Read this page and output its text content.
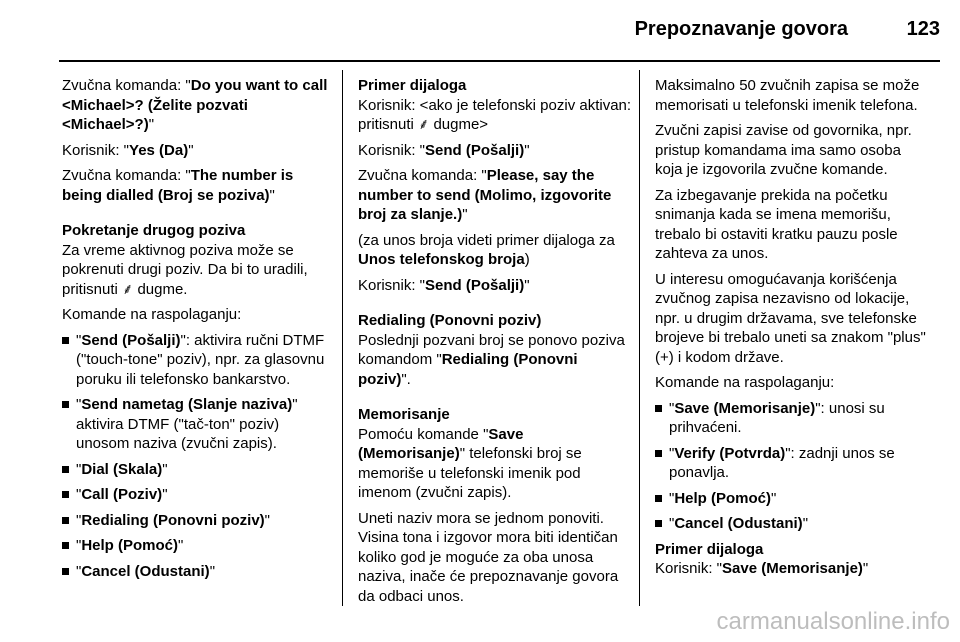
Prepoznavanje govora	123

Zvučna komanda: "Do you want to call <Michael>? (Želite pozvati <Michael>?)"

Korisnik: "Yes (Da)"

Zvučna komanda: "The number is being dialled (Broj se poziva)"

Pokretanje drugog poziva

Za vreme aktivnog poziva može se pokrenuti drugi poziv. Da bi to uradili, pritisnuti ⸙ dugme.

Komande na raspolaganju:

"Send (Pošalji)": aktivira ručni DTMF ("touch-tone" poziv), npr. za glasovnu poruku ili telefonsko bankarstvo.
"Send nametag (Slanje naziva)" aktivira DTMF ("tač-ton" poziv) unosom naziva (zvučni zapis).
"Dial (Skala)"
"Call (Poziv)"
"Redialing (Ponovni poziv)"
"Help (Pomoć)"
"Cancel (Odustani)"

Primer dijaloga

Korisnik: <ako je telefonski poziv aktivan: pritisnuti ⸙ dugme>

Korisnik: "Send (Pošalji)"

Zvučna komanda: "Please, say the number to send (Molimo, izgovorite broj za slanje.)"

(za unos broja videti primer dijaloga za Unos telefonskog broja)

Korisnik: "Send (Pošalji)"

Redialing (Ponovni poziv)

Poslednji pozvani broj se ponovo poziva komandom "Redialing (Ponovni poziv)".

Memorisanje

Pomoću komande "Save (Memorisanje)" telefonski broj se memoriše u telefonski imenik pod imenom (zvučni zapis).

Uneti naziv mora se jednom ponoviti. Visina tona i izgovor mora biti identičan koliko god je moguće za oba unosa naziva, inače će prepoznavanje govora da odbaci unos.

Maksimalno 50 zvučnih zapisa se može memorisati u telefonski imenik telefona.

Zvučni zapisi zavise od govornika, npr. pristup komandama ima samo osoba koja je izgovorila zvučne komande.

Za izbegavanje prekida na početku snimanja kada se imena memorišu, trebalo bi ostaviti kratku pauzu posle zahteva za unos.

U interesu omogućavanja korišćenja zvučnog zapisa nezavisno od lokacije, npr. u drugim državama, sve telefonske brojeve bi trebalo uneti sa znakom "plus" (+) i kodom države.

Komande na raspolaganju:

"Save (Memorisanje)": unosi su prihvaćeni.
"Verify (Potvrda)": zadnji unos se ponavlja.
"Help (Pomoć)"
"Cancel (Odustani)"

Primer dijaloga

Korisnik: "Save (Memorisanje)"

carmanualsonline.info
